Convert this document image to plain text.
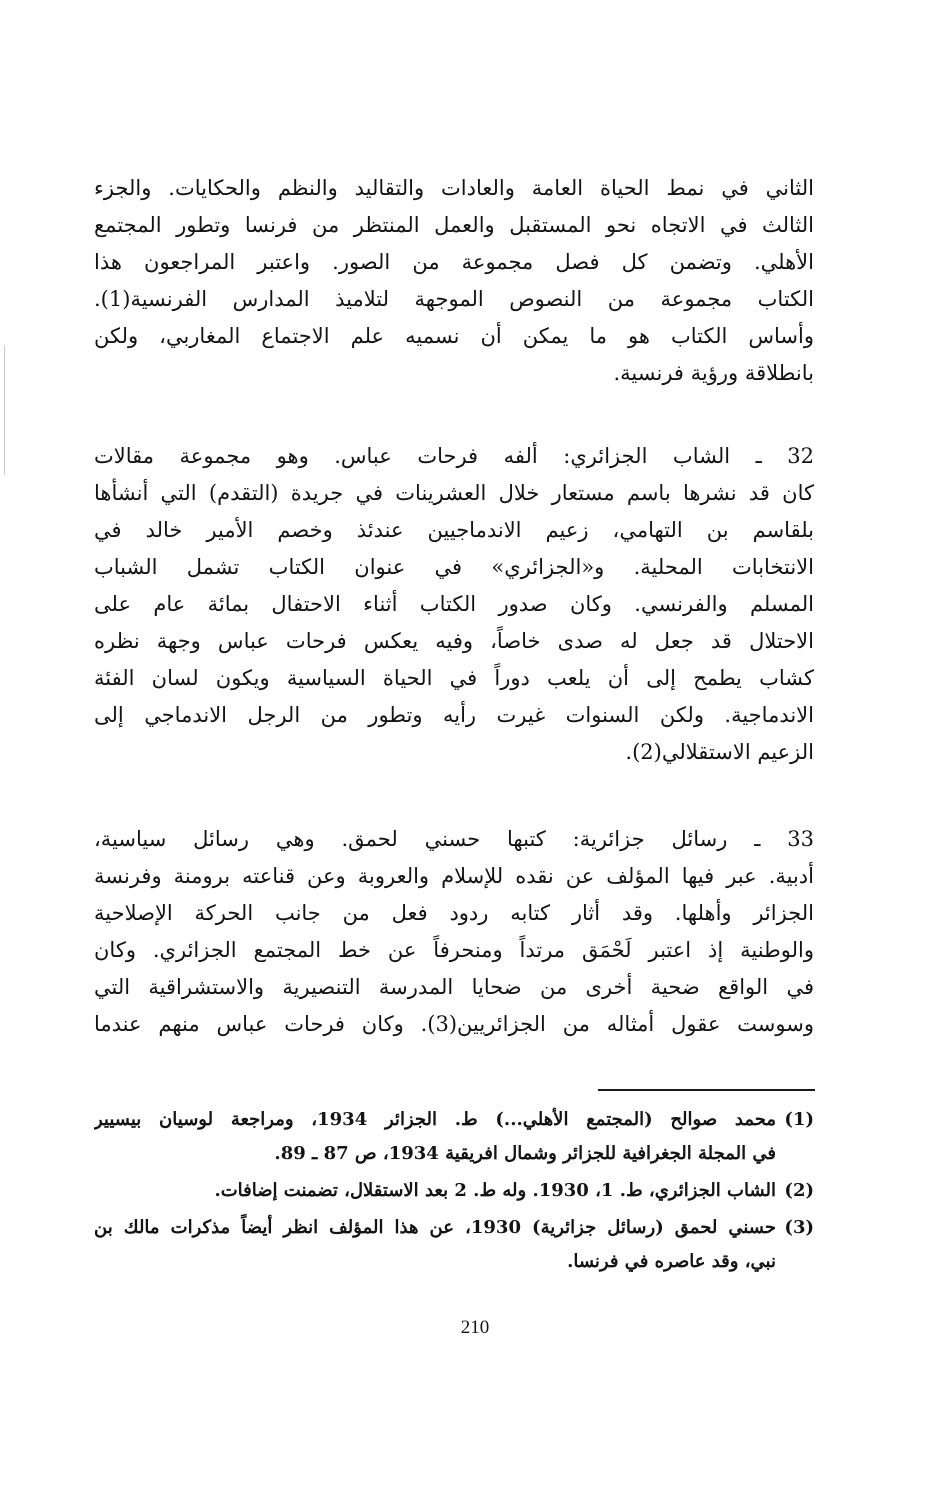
الثاني في نمط الحياة العامة والعادات والتقاليد والنظم والحكايات. والجزء
الثالث في الاتجاه نحو المستقبل والعمل المنتظر من فرنسا وتطور المجتمع
الأهلي. وتضمن كل فصل مجموعة من الصور. واعتبر المراجعون هذا
الكتاب مجموعة من النصوص الموجهة لتلاميذ المدارس الفرنسية(1).
وأساس الكتاب هو ما يمكن أن نسميه علم الاجتماع المغاربي، ولكن
بانطلاقة ورؤية فرنسية.
32 ـ الشاب الجزائري: ألفه فرحات عباس. وهو مجموعة مقالات
كان قد نشرها باسم مستعار خلال العشرينات في جريدة (التقدم) التي أنشأها
بلقاسم بن التهامي، زعيم الاندماجيين عندئذ وخصم الأمير خالد في
الانتخابات المحلية. و«الجزائري» في عنوان الكتاب تشمل الشباب
المسلم والفرنسي. وكان صدور الكتاب أثناء الاحتفال بمائة عام على
الاحتلال قد جعل له صدى خاصاً، وفيه يعكس فرحات عباس وجهة نظره
كشاب يطمح إلى أن يلعب دوراً في الحياة السياسية ويكون لسان الفئة
الاندماجية. ولكن السنوات غيرت رأيه وتطور من الرجل الاندماجي إلى
الزعيم الاستقلالي(2).
33 ـ رسائل جزائرية: كتبها حسني لحمق. وهي رسائل سياسية،
أدبية. عبر فيها المؤلف عن نقده للإسلام والعروبة وعن قناعته برومنة وفرنسة
الجزائر وأهلها. وقد أثار كتابه ردود فعل من جانب الحركة الإصلاحية
والوطنية إذ اعتبر لَحْمَق مرتداً ومنحرفاً عن خط المجتمع الجزائري. وكان
في الواقع ضحية أخرى من ضحايا المدرسة التنصيرية والاستشراقية التي
وسوست عقول أمثاله من الجزائريين(3). وكان فرحات عباس منهم عندما
(1)
محمد صوالح (المجتمع الأهلي...) ط. الجزائر 1934، ومراجعة لوسيان بيسيير
في المجلة الجغرافية للجزائر وشمال افريقية 1934، ص 87 ـ 89.
(2)
الشاب الجزائري، ط. 1، 1930. وله ط. 2 بعد الاستقلال، تضمنت إضافات.
(3)
حسني لحمق (رسائل جزائرية) 1930، عن هذا المؤلف انظر أيضاً مذكرات مالك بن
نبي، وقد عاصره في فرنسا.
210
